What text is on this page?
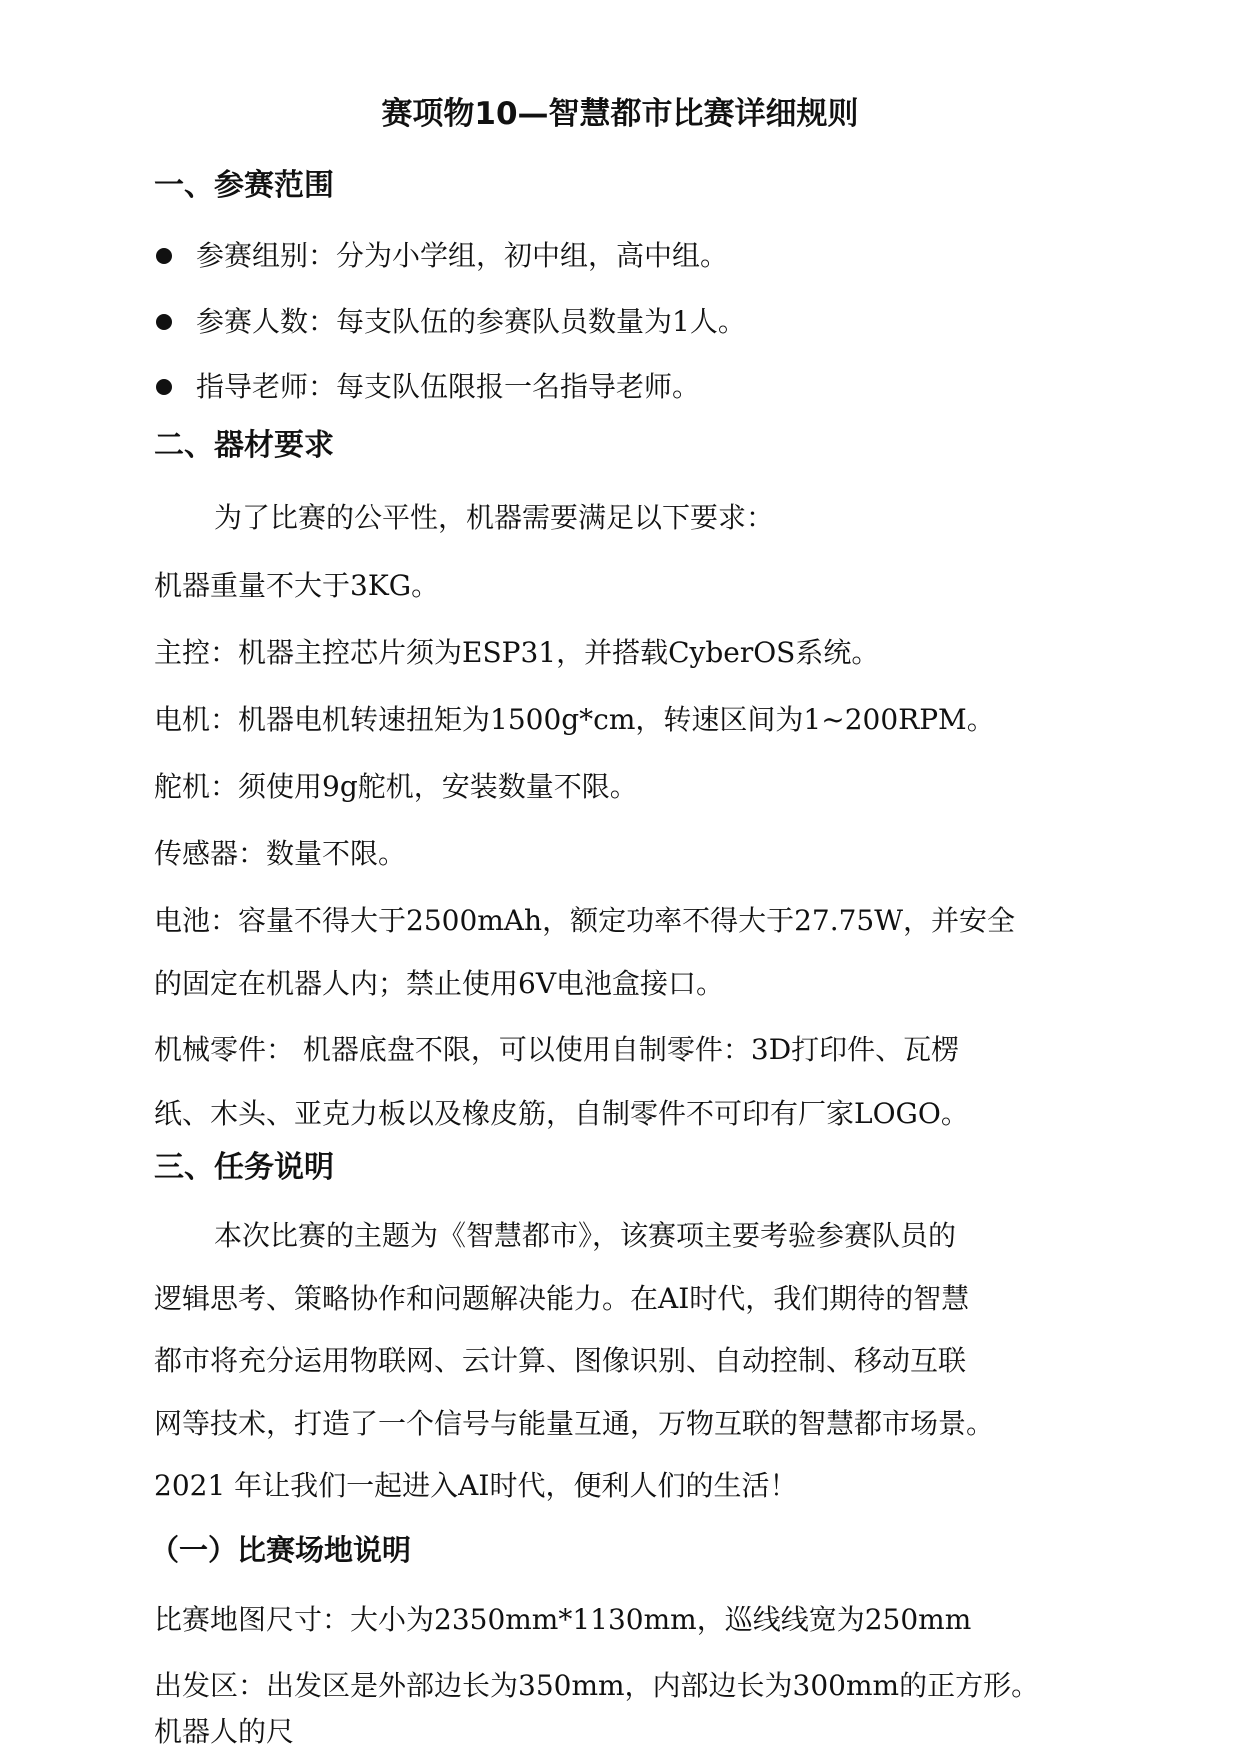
赛项物10—智慧都市比赛详细规则
一、参赛范围
参赛组别：分为小学组，初中组，高中组。
参赛人数：每支队伍的参赛队员数量为1人。
指导老师：每支队伍限报一名指导老师。
二、器材要求
为了比赛的公平性，机器需要满足以下要求：
机器重量不大于3KG。
主控：机器主控芯片须为ESP31，并搭载CyberOS系统。
电机：机器电机转速扭矩为1500g*cm，转速区间为1~200RPM。
舵机：须使用9g舵机，安装数量不限。
传感器：数量不限。
电池：容量不得大于2500mAh，额定功率不得大于27.75W，并安全
的固定在机器人内；禁止使用6V电池盒接口。
机械零件： 机器底盘不限，可以使用自制零件：3D打印件、瓦楞
纸、木头、亚克力板以及橡皮筋，自制零件不可印有厂家LOGO。
三、任务说明
本次比赛的主题为《智慧都市》，该赛项主要考验参赛队员的
逻辑思考、策略协作和问题解决能力。在AI时代，我们期待的智慧
都市将充分运用物联网、云计算、图像识别、自动控制、移动互联
网等技术，打造了一个信号与能量互通，万物互联的智慧都市场景。
2021 年让我们一起进入AI时代，便利人们的生活！
（一）比赛场地说明
比赛地图尺寸：大小为2350mm*1130mm，巡线线宽为250mm
出发区：出发区是外部边长为350mm，内部边长为300mm的正方形。
机器人的尺
